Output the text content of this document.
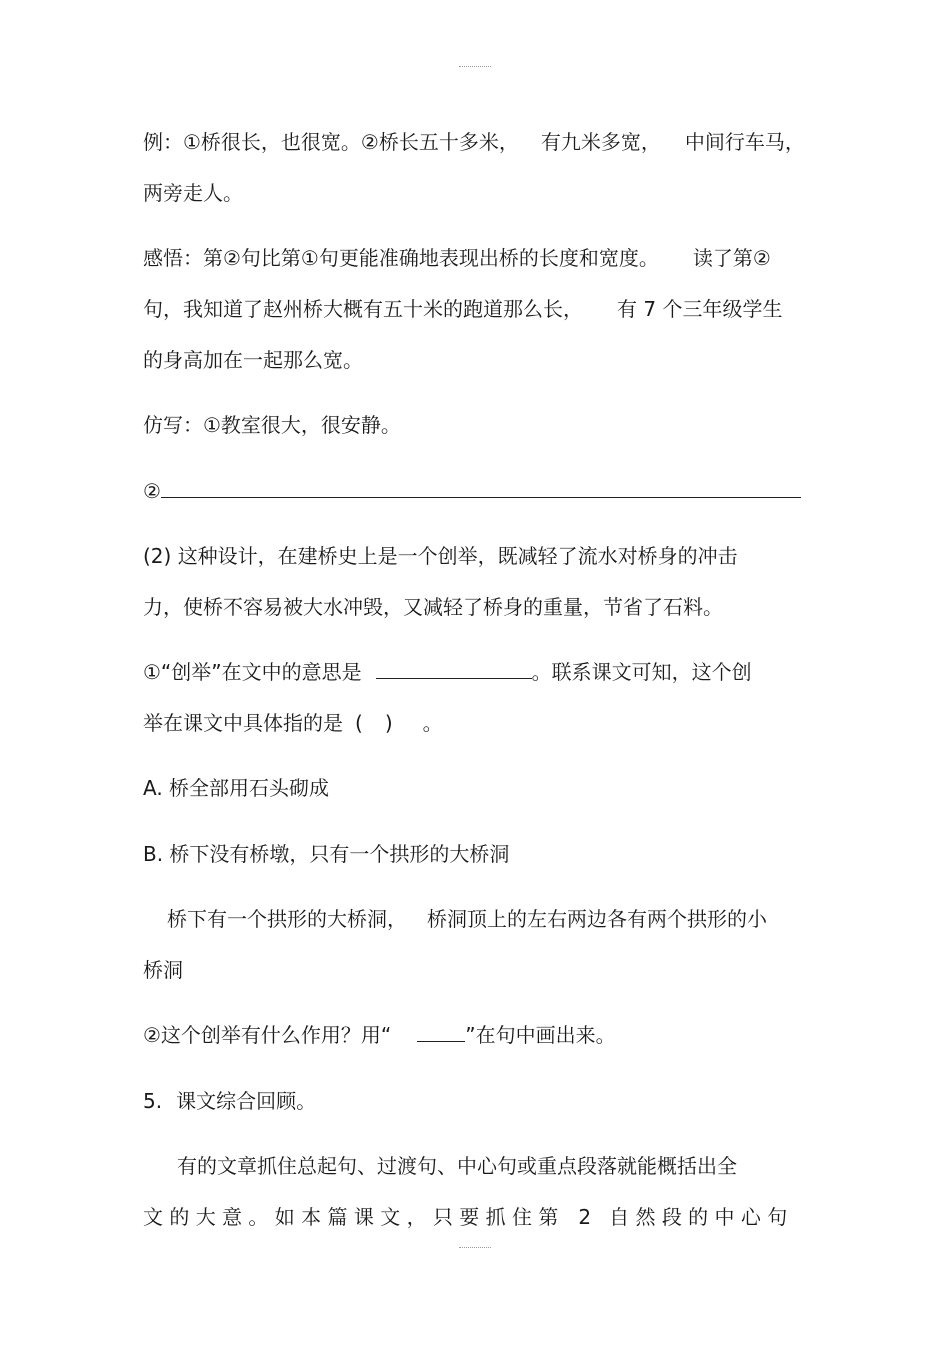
例：①桥很长，也很宽。②桥长五十多米， 有九米多宽， 中间行车马，
两旁走人。
感悟：第②句比第①句更能准确地表现出桥的长度和宽度。 读了第②
句，我知道了赵州桥大概有五十米的跑道那么长， 有 7 个三年级学生
的身高加在一起那么宽。
仿写：①教室很大，很安静。
②
(2) 这种设计，在建桥史上是一个创举，既减轻了流水对桥身的冲击
力，使桥不容易被大水冲毁，又减轻了桥身的重量，节省了石料。
①“创举”在文中的意思是	。联系课文可知，这个创
举在课文中具体指的是 ( ) 。
A. 桥全部用石头砌成
B. 桥下没有桥墩，只有一个拱形的大桥洞
桥下有一个拱形的大桥洞， 桥洞顶上的左右两边各有两个拱形的小
桥洞
②这个创举有什么作用？用“	”在句中画出来。
5. 课文综合回顾。
有的文章抓住总起句、过渡句、中心句或重点段落就能概括出全
文 的 大 意 。 如 本 篇 课 文 ， 只 要 抓 住 第 2 自 然 段 的 中 心 句
